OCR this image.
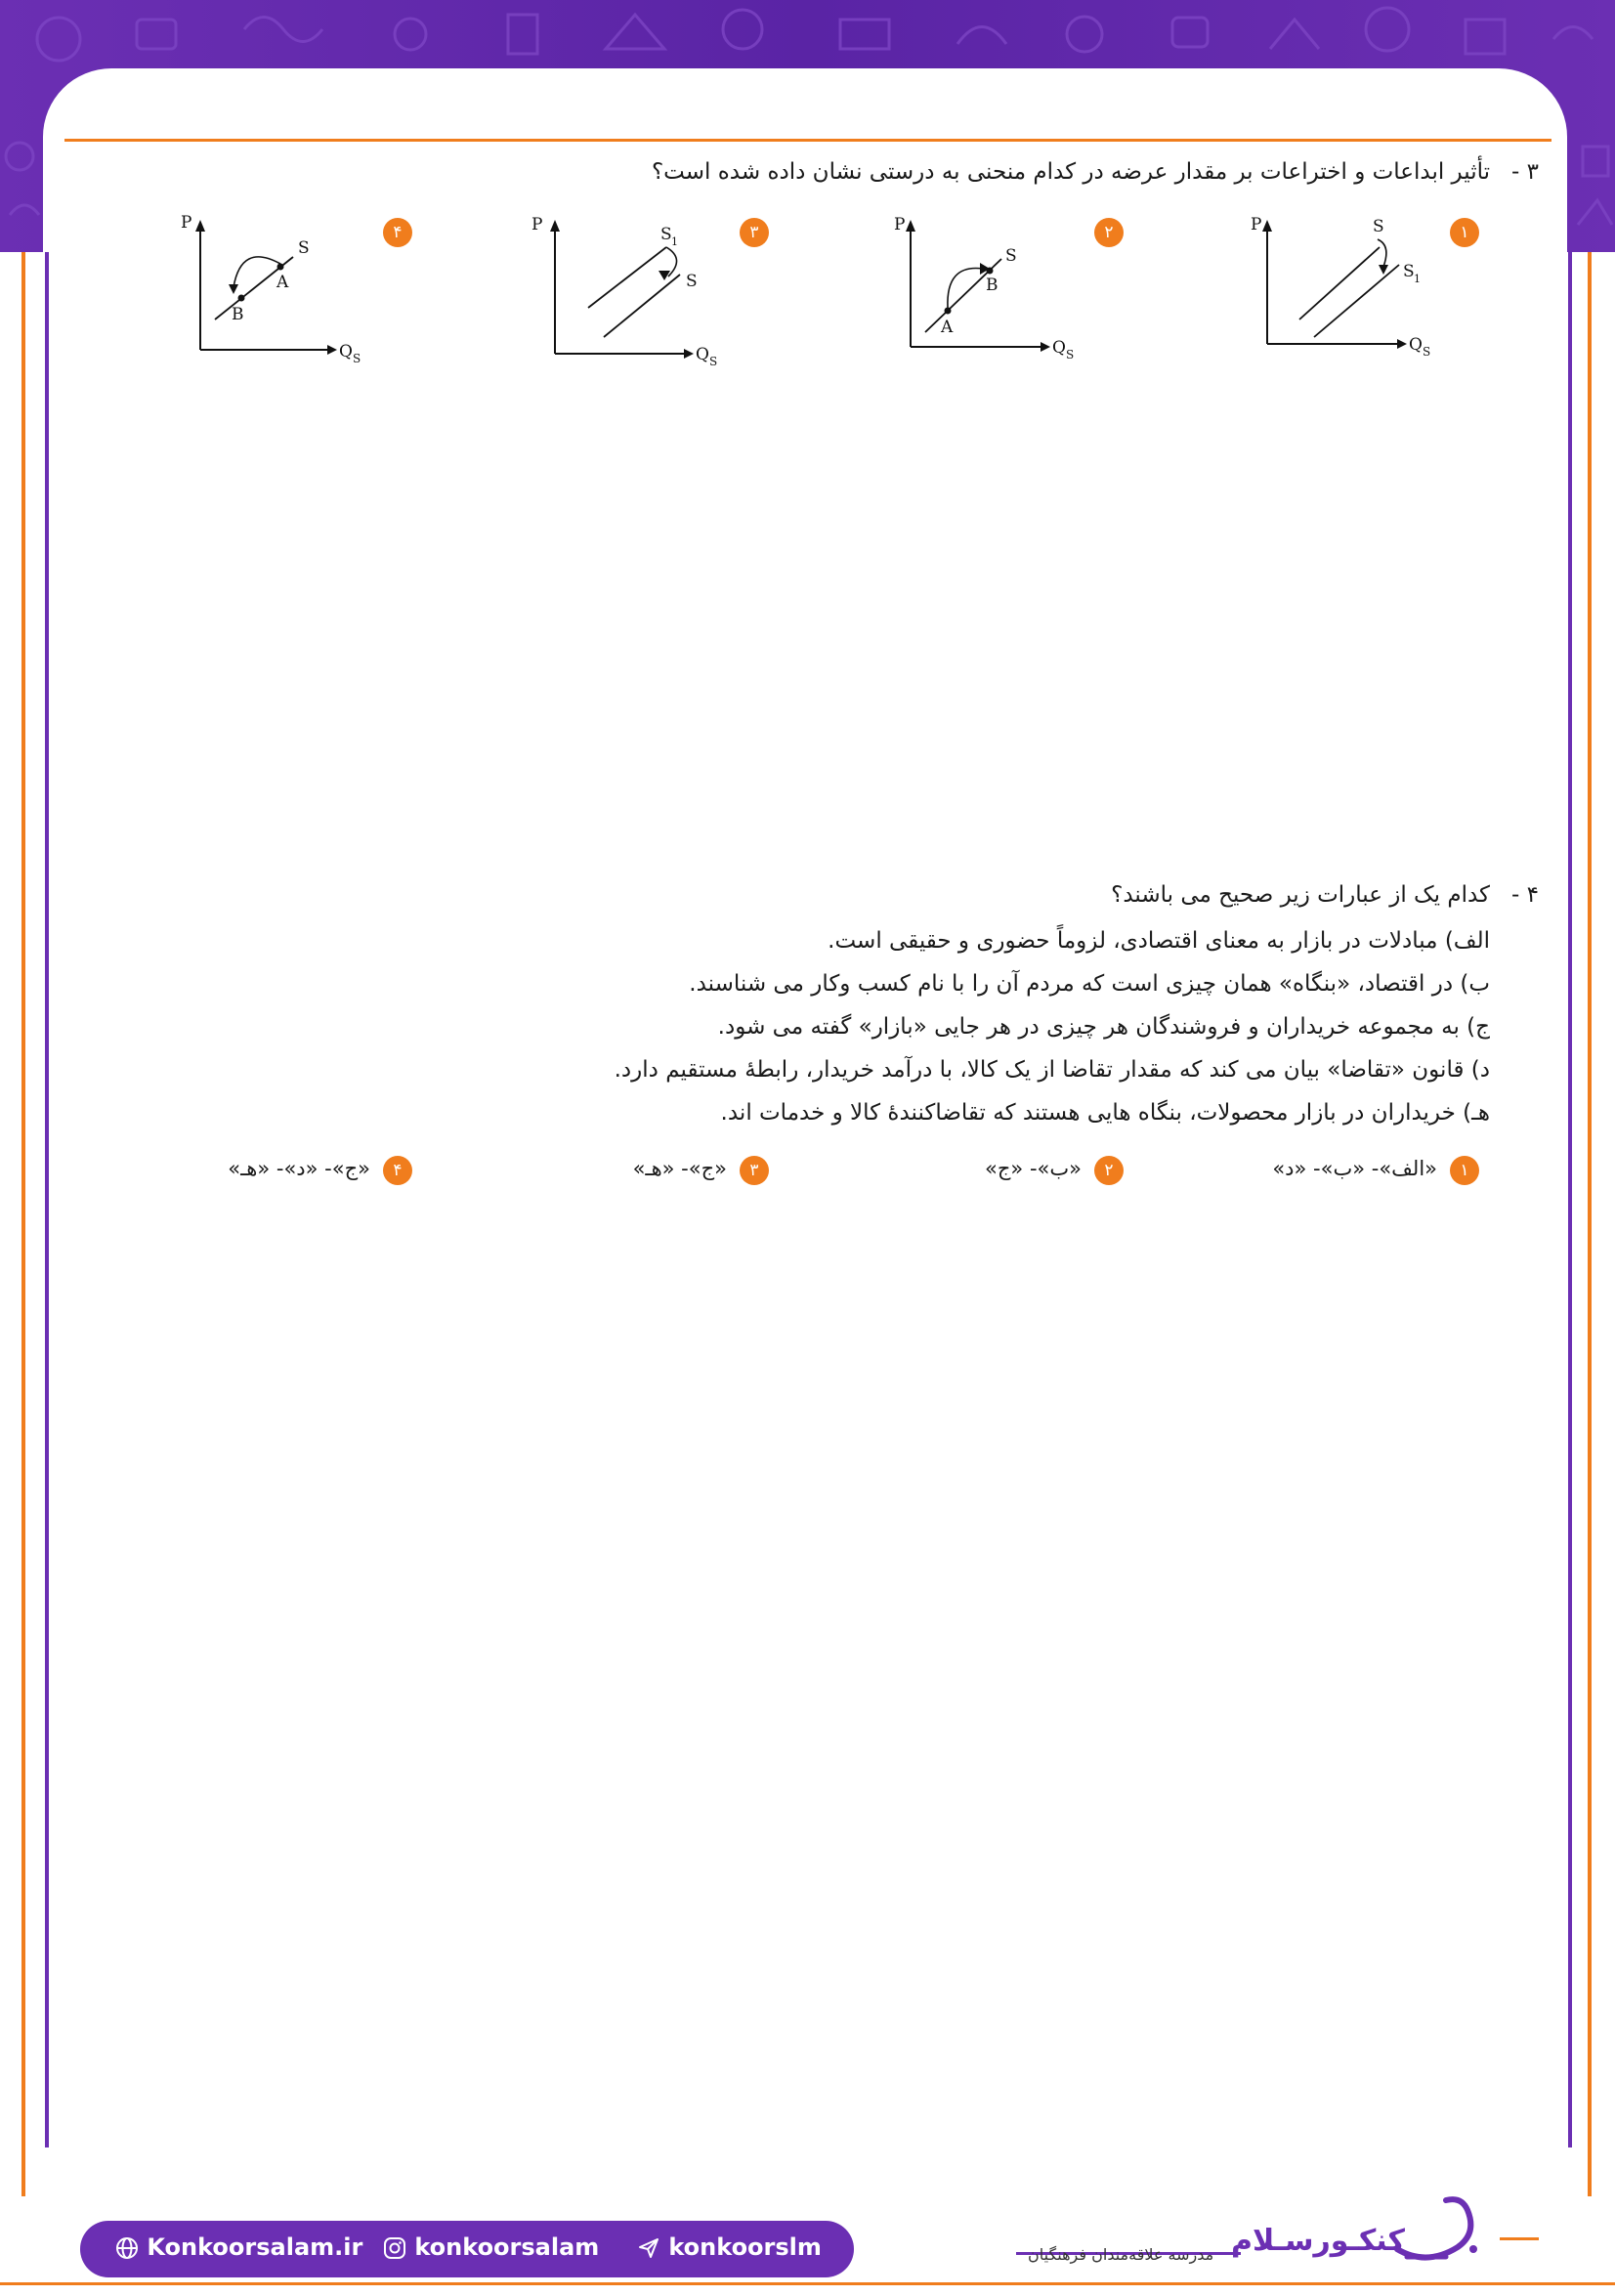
۳ -
تأثیر ابداعات و اختراعات بر مقدار عرضه در کدام منحنی به درستی نشان داده شده است؟
۱
P
Q S
S
S 1
۲
P
Q S
A
B
S
۳
P
Q S
S 1
S
۴
P
Q S
B
A
S
۴ -
کدام یک از عبارات زیر صحیح می باشند؟
الف) مبادلات در بازار به معنای اقتصادی، لزوماً حضوری و حقیقی است.
ب) در اقتصاد، «بنگاه» همان چیزی است که مردم آن را با نام کسب وکار می شناسند.
ج) به مجموعه خریداران و فروشندگان هر چیزی در هر جایی «بازار» گفته می شود.
د) قانون «تقاضا» بیان می کند که مقدار تقاضا از یک کالا، با درآمد خریدار، رابطۀ مستقیم دارد.
هـ) خریداران در بازار محصولات، بنگاه هایی هستند که تقاضاکنندۀ کالا و خدمات اند.
۱
«الف»- «ب»- «د»
۲
«ب»- «ج»
۳
«ج»- «هـ»
۴
«ج»- «د»- «هـ»
Konkoorsalam.ir	konkoorsalam	konkoorslm	مدرسه علاقه‌مندان فرهنگیان کنکـورسـلام
